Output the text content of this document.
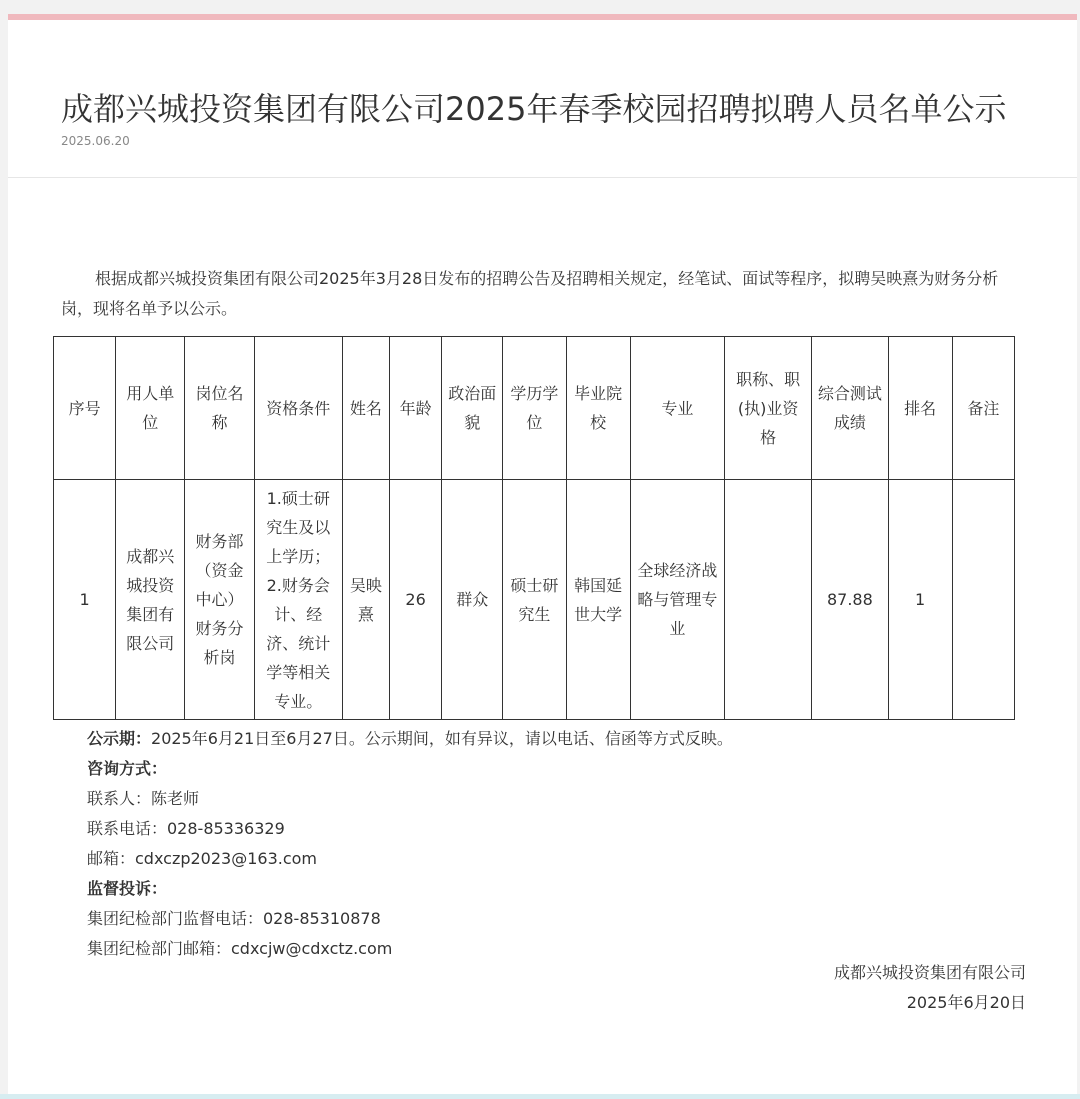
成都兴城投资集团有限公司2025年春季校园招聘拟聘人员名单公示
2025.06.20

根据成都兴城投资集团有限公司2025年3月28日发布的招聘公告及招聘相关规定，经笔试、面试等程序，拟聘吴映熹为财务分析岗，现将名单予以公示。

序号	用人单位	岗位名称	资格条件	姓名	年龄	政治面貌	学历学位	毕业院校	专业	职称、职(执)业资格	综合测试成绩	排名	备注
1	成都兴城投资集团有限公司	财务部（资金中心）财务分析岗	1.硕士研究生及以上学历；2.财务会计、经济、统计学等相关专业。	吴映熹	26	群众	硕士研究生	韩国延世大学	全球经济战略与管理专业		87.88	1	
公示期：2025年6月21日至6月27日。公示期间，如有异议，请以电话、信函等方式反映。
咨询方式：
联系人：陈老师
联系电话：028-85336329
邮箱：cdxczp2023@163.com
监督投诉：
集团纪检部门监督电话：028-85310878
集团纪检部门邮箱：cdxcjw@cdxctz.com
成都兴城投资集团有限公司
2025年6月20日
